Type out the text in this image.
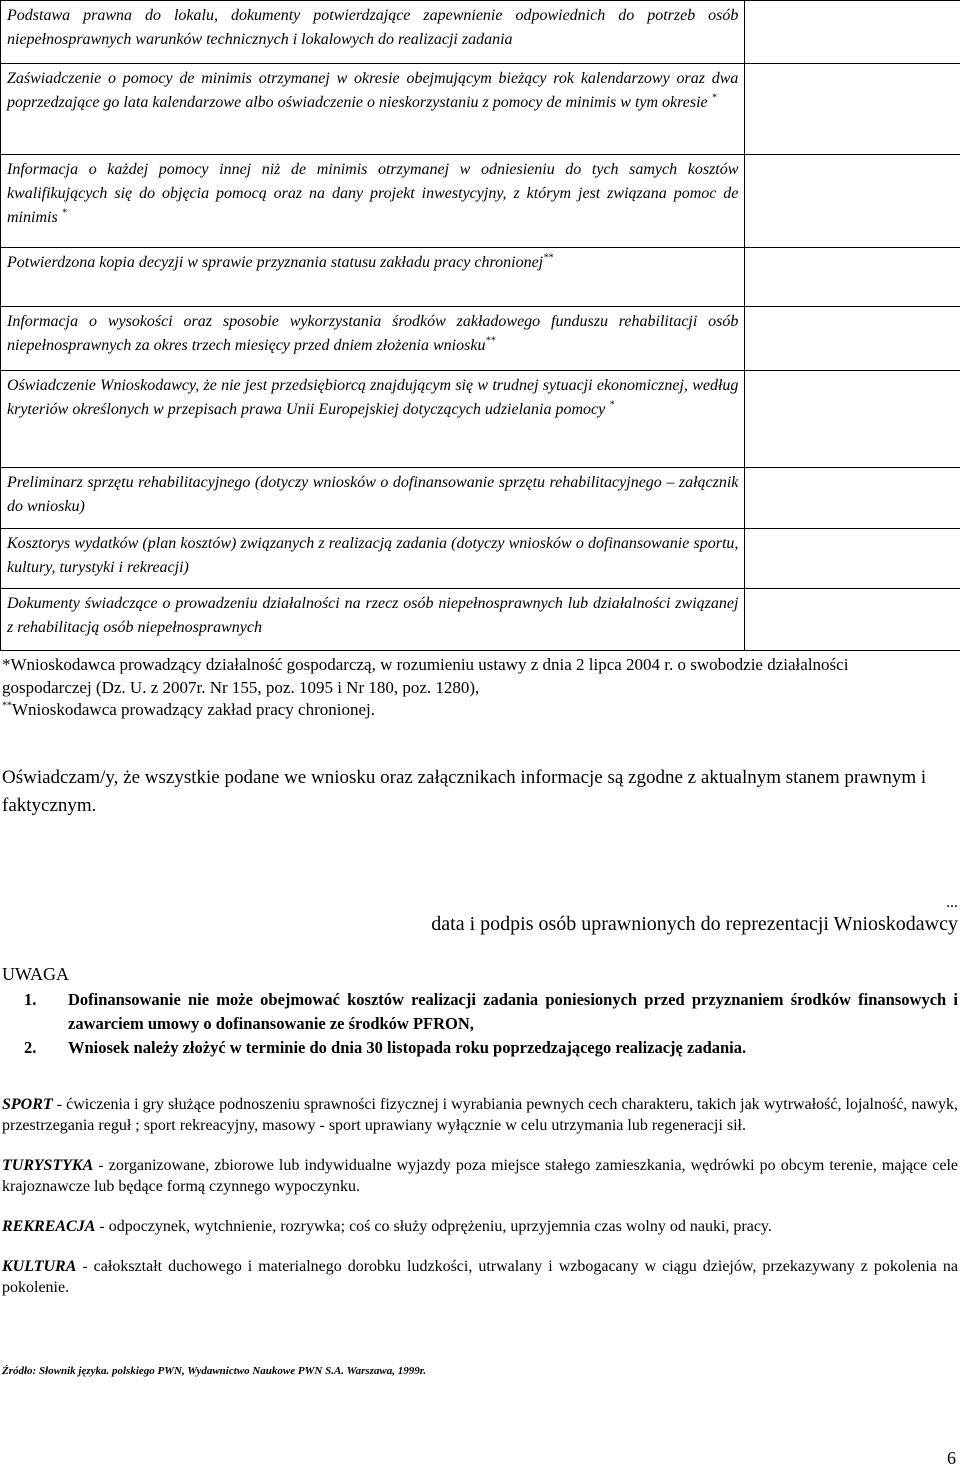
Podstawa prawna do lokalu, dokumenty potwierdzające zapewnienie odpowiednich do potrzeb osób niepełnosprawnych warunków technicznych i lokalowych do realizacji zadania	
Zaświadczenie o pomocy de minimis otrzymanej w okresie obejmującym bieżący rok kalendarzowy oraz dwa poprzedzające go lata kalendarzowe albo oświadczenie o nieskorzystaniu z pomocy de minimis w tym okresie *	
Informacja o każdej pomocy innej niż de minimis otrzymanej w odniesieniu do tych samych kosztów kwalifikujących się do objęcia pomocą oraz na dany projekt inwestycyjny, z którym jest związana pomoc de minimis *	
Potwierdzona kopia decyzji w sprawie przyznania statusu zakładu pracy chronionej**	
Informacja o wysokości oraz sposobie wykorzystania środków zakładowego funduszu rehabilitacji osób niepełnosprawnych za okres trzech miesięcy przed dniem złożenia wniosku**	
Oświadczenie Wnioskodawcy, że nie jest przedsiębiorcą znajdującym się w trudnej sytuacji ekonomicznej, według kryteriów określonych w przepisach prawa Unii Europejskiej dotyczących udzielania pomocy *	
Preliminarz sprzętu rehabilitacyjnego (dotyczy wniosków o dofinansowanie sprzętu rehabilitacyjnego – załącznik do wniosku)	
Kosztorys wydatków (plan kosztów) związanych z realizacją zadania (dotyczy wniosków o dofinansowanie sportu, kultury, turystyki i rekreacji)	
Dokumenty świadczące o prowadzeniu działalności na rzecz osób niepełnosprawnych lub działalności związanej z rehabilitacją osób niepełnosprawnych	

*Wnioskodawca prowadzący działalność gospodarczą, w rozumieniu ustawy z dnia 2 lipca 2004 r. o swobodzie działalności gospodarczej (Dz. U. z 2007r. Nr 155, poz. 1095 i Nr 180, poz. 1280),

**Wnioskodawca prowadzący zakład pracy chronionej.

Oświadczam/y, że wszystkie podane we wniosku oraz załącznikach informacje są zgodne z aktualnym stanem prawnym i faktycznym.
...
data i podpis osób uprawnionych do reprezentacji Wnioskodawcy
UWAGA
1.	Dofinansowanie nie może obejmować kosztów realizacji zadania poniesionych przed przyznaniem środków finansowych i zawarciem umowy o dofinansowanie ze środków PFRON,
2.	Wniosek należy złożyć w terminie do dnia 30 listopada roku poprzedzającego realizację zadania.

SPORT - ćwiczenia i gry służące podnoszeniu sprawności fizycznej i wyrabiania pewnych cech charakteru, takich jak wytrwałość, lojalność, nawyk, przestrzegania reguł ; sport rekreacyjny, masowy - sport uprawiany wyłącznie w celu utrzymania lub regeneracji sił.

TURYSTYKA - zorganizowane, zbiorowe lub indywidualne wyjazdy poza miejsce stałego zamieszkania, wędrówki po obcym terenie, mające cele krajoznawcze lub będące formą czynnego wypoczynku.

REKREACJA - odpoczynek, wytchnienie, rozrywka; coś co służy odprężeniu, uprzyjemnia czas wolny od nauki, pracy.

KULTURA - całokształt duchowego i materialnego dorobku ludzkości, utrwalany i wzbogacany w ciągu dziejów, przekazywany z pokolenia na pokolenie.

Źródło: Słownik języka. polskiego PWN, Wydawnictwo Naukowe PWN S.A. Warszawa, 1999r.
6
